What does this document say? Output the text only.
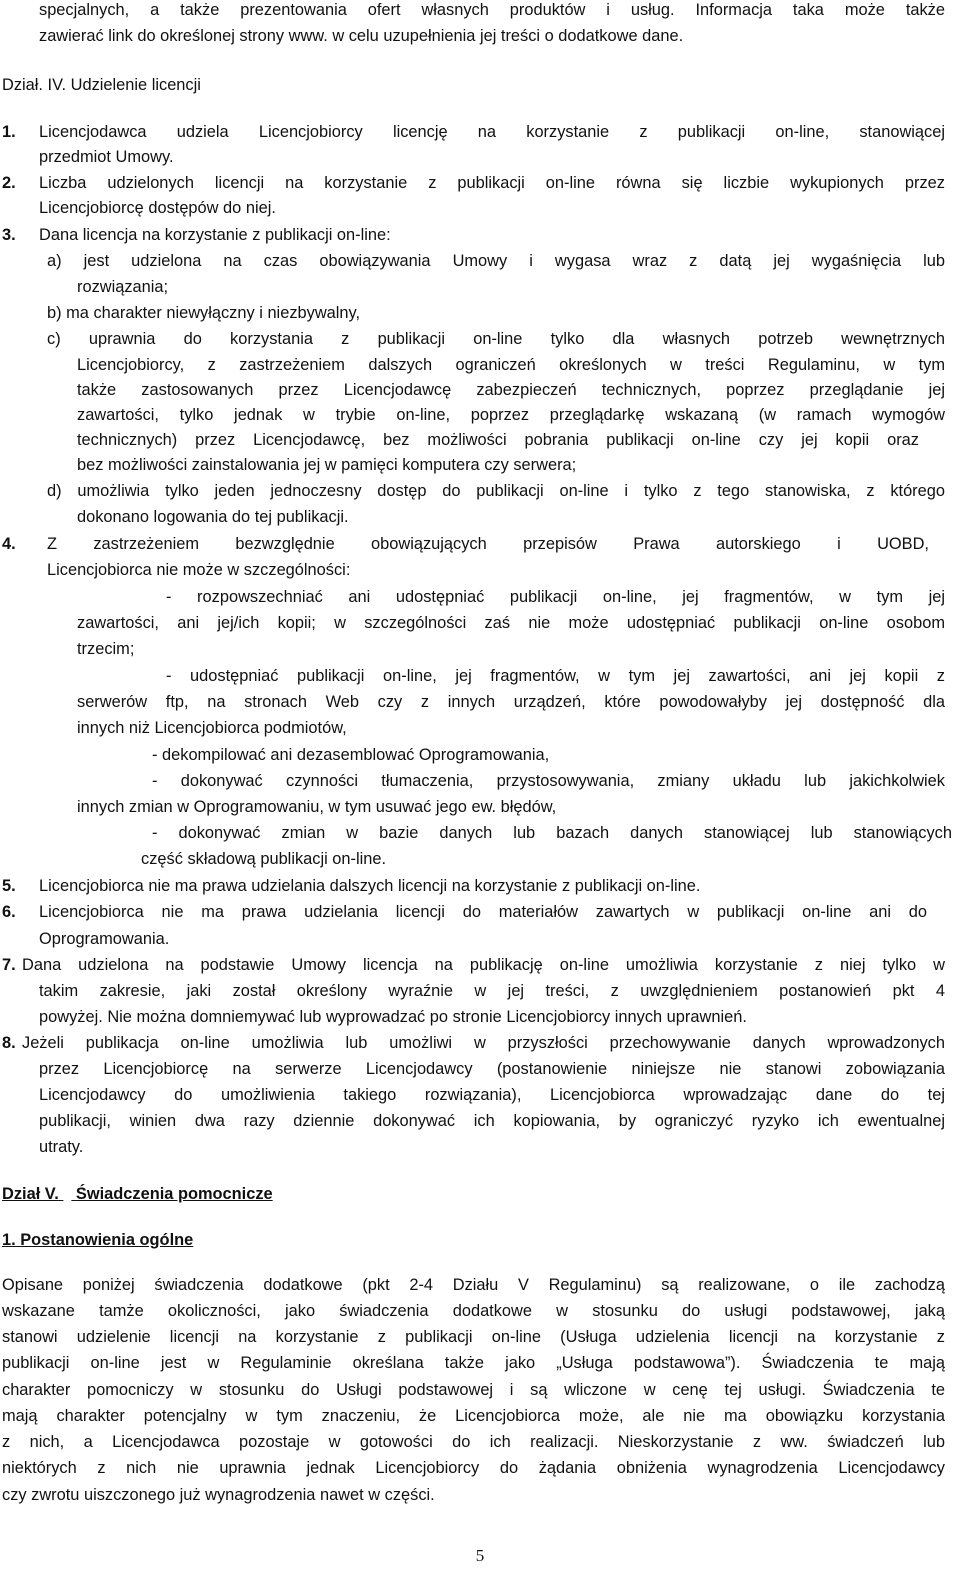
specjalnych, a także prezentowania ofert własnych produktów i usług. Informacja taka może także
zawierać link do określonej strony www. w celu uzupełnienia jej treści o dodatkowe dane.
Dział. IV. Udzielenie licencji
1. Licencjodawca udziela Licencjobiorcy licencję na korzystanie z publikacji on-line, stanowiącej
przedmiot Umowy.
2. Liczba udzielonych licencji na korzystanie z publikacji on-line równa się liczbie wykupionych przez
Licencjobiorcę dostępów do niej.
3. Dana licencja na korzystanie z publikacji on-line:
a) jest udzielona na czas obowiązywania Umowy i wygasa wraz z datą jej wygaśnięcia lub
rozwiązania;
b) ma charakter niewyłączny i niezbywalny,
c) uprawnia do korzystania z publikacji on-line tylko dla własnych potrzeb wewnętrznych
Licencjobiorcy, z zastrzeżeniem dalszych ograniczeń określonych w treści Regulaminu, w tym
także zastosowanych przez Licencjodawcę zabezpieczeń technicznych, poprzez przeglądanie jej
zawartości, tylko jednak w trybie on-line, poprzez przeglądarkę wskazaną (w ramach wymogów
technicznych) przez Licencjodawcę, bez możliwości pobrania publikacji on-line czy jej kopii oraz
bez możliwości zainstalowania jej w pamięci komputera czy serwera;
d) umożliwia tylko jeden jednoczesny dostęp do publikacji on-line i tylko z tego stanowiska, z którego
dokonano logowania do tej publikacji.
4. Z zastrzeżeniem bezwzględnie obowiązujących przepisów Prawa autorskiego i UOBD,
Licencjobiorca nie może w szczególności:
- rozpowszechniać ani udostępniać publikacji on-line, jej fragmentów, w tym jej
zawartości, ani jej/ich kopii; w szczególności zaś nie może udostępniać publikacji on-line osobom
trzecim;
- udostępniać publikacji on-line, jej fragmentów, w tym jej zawartości, ani jej kopii z
serwerów ftp, na stronach Web czy z innych urządzeń, które powodowałyby jej dostępność dla
innych niż Licencjobiorca podmiotów,
- dekompilować ani dezasemblować Oprogramowania,
- dokonywać czynności tłumaczenia, przystosowywania, zmiany układu lub jakichkolwiek
innych zmian w Oprogramowaniu, w tym usuwać jego ew. błędów,
- dokonywać zmian w bazie danych lub bazach danych stanowiącej lub stanowiących
część składową publikacji on-line.
5. Licencjobiorca nie ma prawa udzielania dalszych licencji na korzystanie z publikacji on-line.
6. Licencjobiorca nie ma prawa udzielania licencji do materiałów zawartych w publikacji on-line ani do
Oprogramowania.
7. Dana udzielona na podstawie Umowy licencja na publikację on-line umożliwia korzystanie z niej tylko w
takim zakresie, jaki został określony wyraźnie w jej treści, z uwzględnieniem postanowień pkt 4
powyżej. Nie można domniemywać lub wyprowadzać po stronie Licencjobiorcy innych uprawnień.
8. Jeżeli publikacja on-line umożliwia lub umożliwi w przyszłości przechowywanie danych wprowadzonych
przez Licencjobiorcę na serwerze Licencjodawcy (postanowienie niniejsze nie stanowi zobowiązania
Licencjodawcy do umożliwienia takiego rozwiązania), Licencjobiorca wprowadzając dane do tej
publikacji, winien dwa razy dziennie dokonywać ich kopiowania, by ograniczyć ryzyko ich ewentualnej
utraty.
Dział V. Świadczenia pomocnicze
1. Postanowienia ogólne
Opisane poniżej świadczenia dodatkowe (pkt 2-4 Działu V Regulaminu) są realizowane, o ile zachodzą
wskazane tamże okoliczności, jako świadczenia dodatkowe w stosunku do usługi podstawowej, jaką
stanowi udzielenie licencji na korzystanie z publikacji on-line (Usługa udzielenia licencji na korzystanie z
publikacji on-line jest w Regulaminie określana także jako „Usługa podstawowa”). Świadczenia te mają
charakter pomocniczy w stosunku do Usługi podstawowej i są wliczone w cenę tej usługi. Świadczenia te
mają charakter potencjalny w tym znaczeniu, że Licencjobiorca może, ale nie ma obowiązku korzystania
z nich, a Licencjodawca pozostaje w gotowości do ich realizacji. Nieskorzystanie z ww. świadczeń lub
niektórych z nich nie uprawnia jednak Licencjobiorcy do żądania obniżenia wynagrodzenia Licencjodawcy
czy zwrotu uiszczonego już wynagrodzenia nawet w części.
5
